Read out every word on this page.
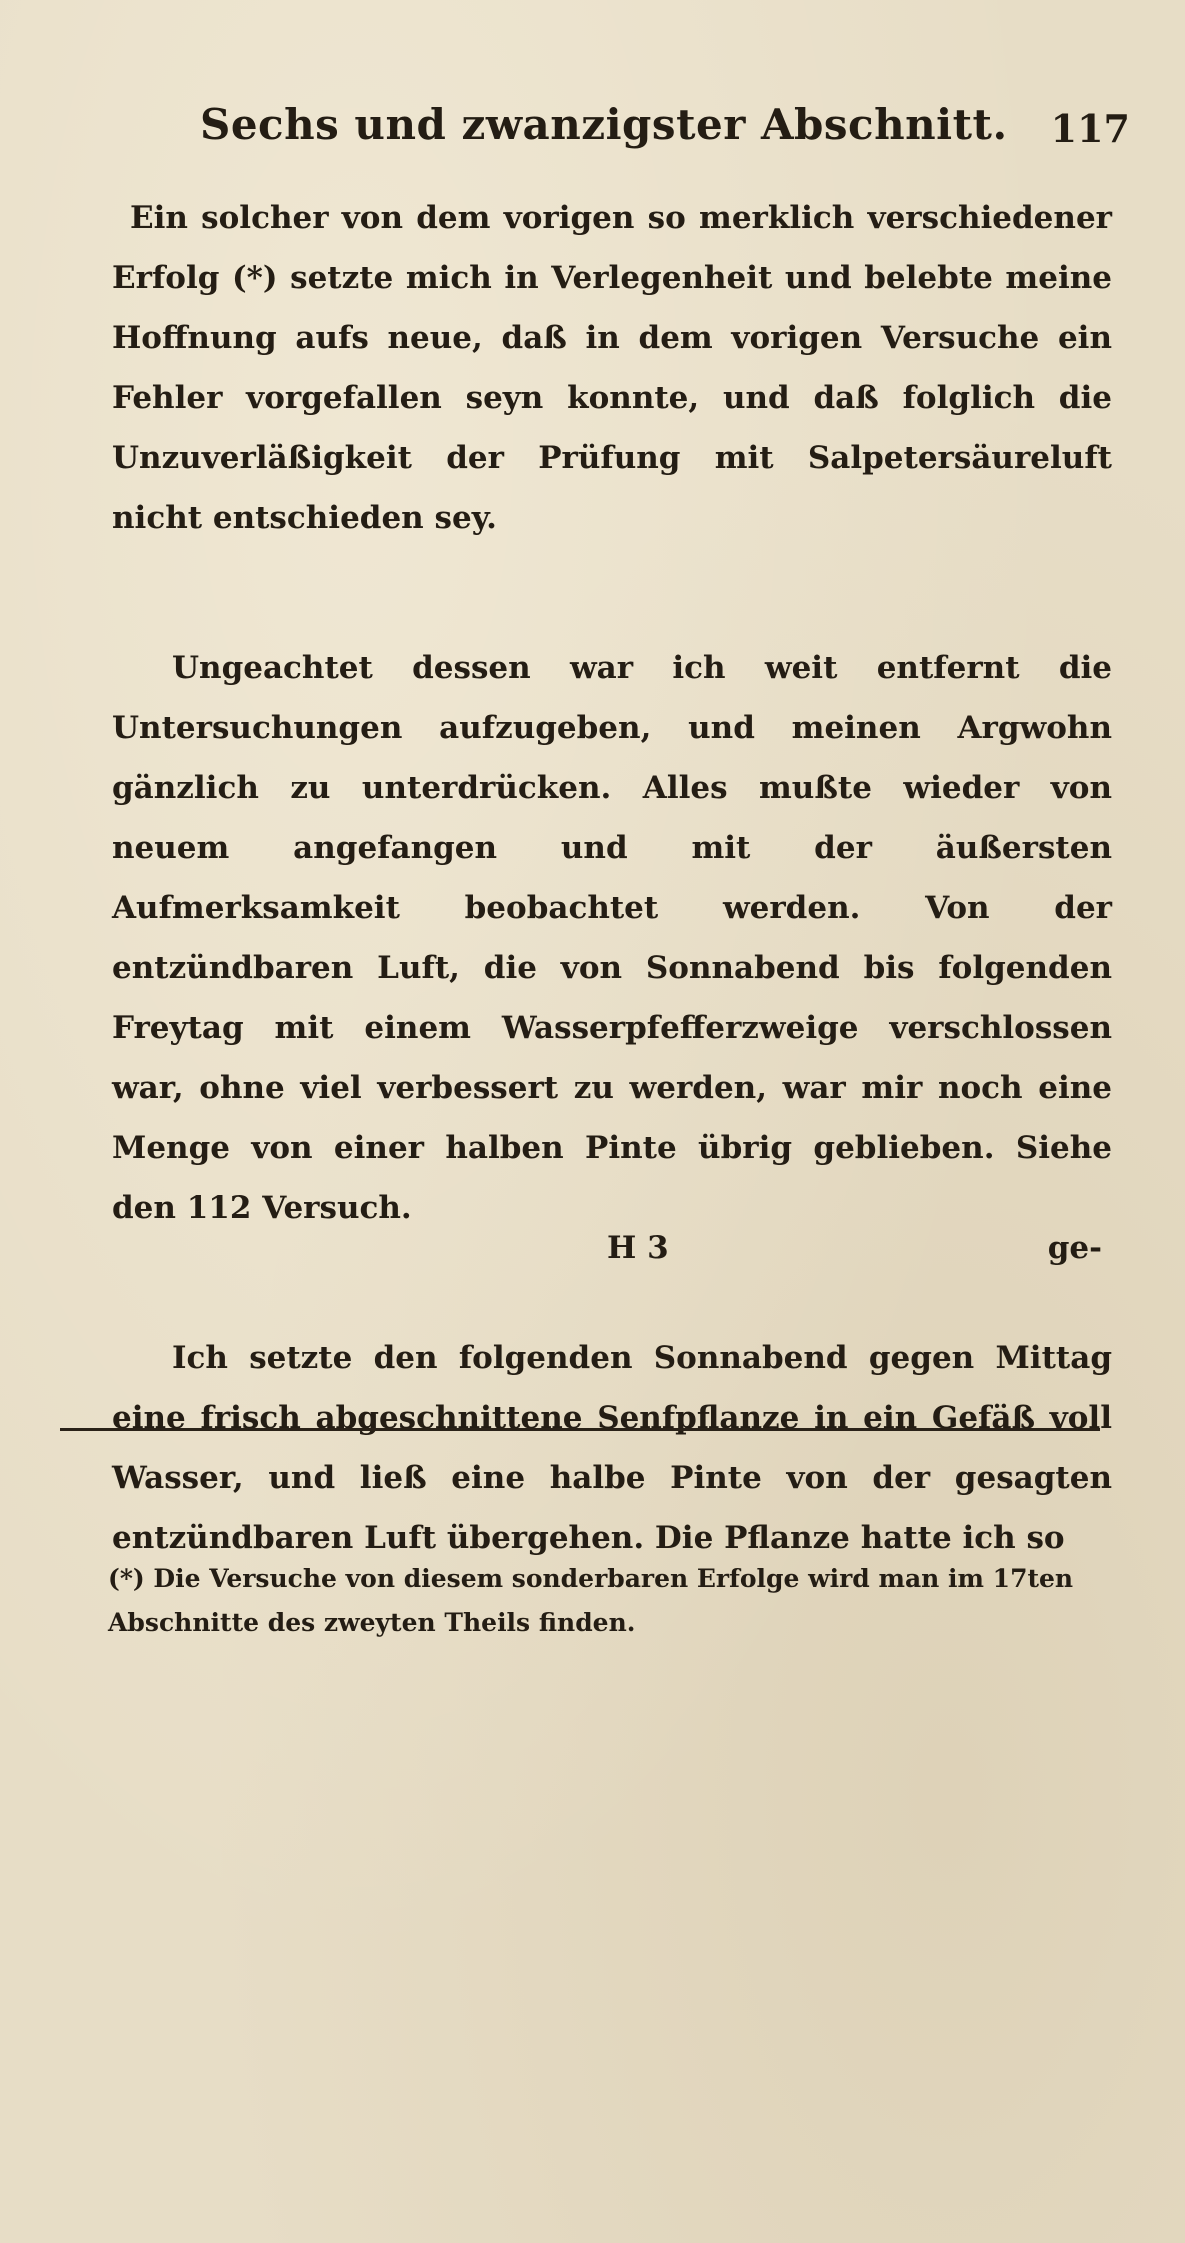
Sechs und zwanzigster Abschnitt. 117

Ein solcher von dem vorigen so merklich verschiedener Erfolg (*) setzte mich in Verlegenheit und belebte meine Hoffnung aufs neue, daß in dem vorigen Versuche ein Fehler vorgefallen seyn konnte, und daß folglich die Unzuverläßigkeit der Prüfung mit Salpetersäureluft nicht entschieden sey.

Ungeachtet dessen war ich weit entfernt die Untersuchungen aufzugeben, und meinen Argwohn gänzlich zu unterdrücken. Alles mußte wieder von neuem angefangen und mit der äußersten Aufmerksamkeit beobachtet werden. Von der entzündbaren Luft, die von Sonnabend bis folgenden Freytag mit einem Wasserpfefferzweige verschlossen war, ohne viel verbessert zu werden, war mir noch eine Menge von einer halben Pinte übrig geblieben. Siehe den 112 Versuch.

Ich setzte den folgenden Sonnabend gegen Mittag eine frisch abgeschnittene Senfpflanze in ein Gefäß voll Wasser, und ließ eine halbe Pinte von der gesagten entzündbaren Luft übergehen. Die Pflanze hatte ich so

H 3	ge-

(*) Die Versuche von diesem sonderbaren Erfolge wird man im 17ten Abschnitte des zweyten Theils finden.
